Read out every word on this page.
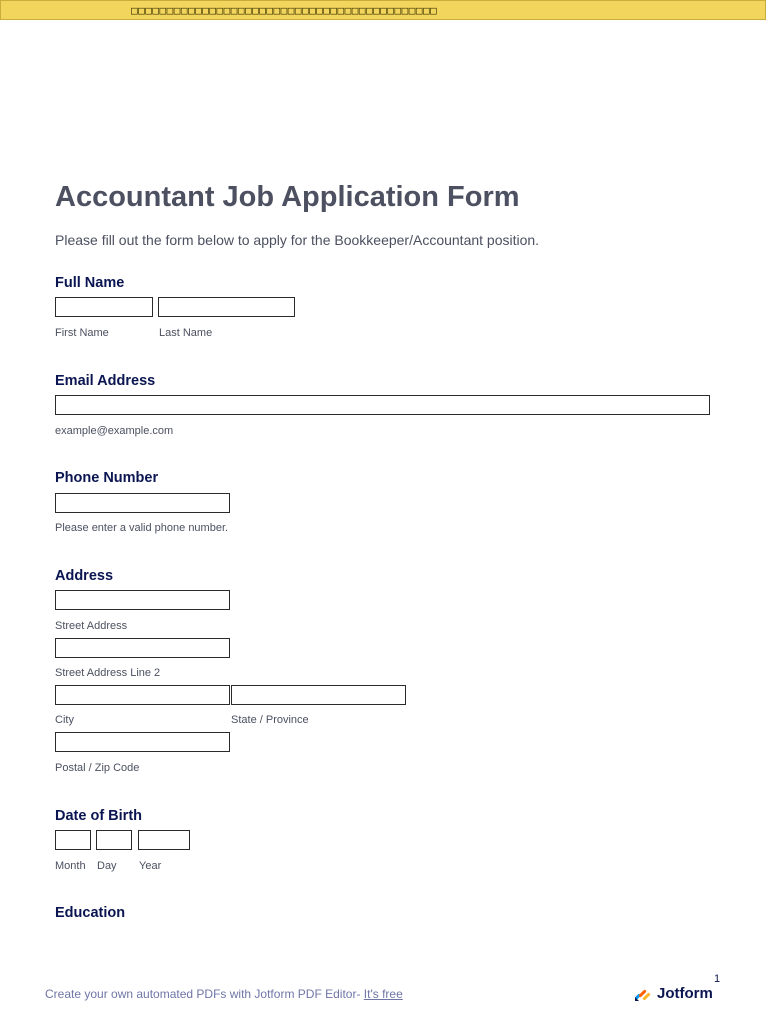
□□□□□□□□□□□□□□□□□□□□□□□□□□□□□□□□□□□□□□□□□□□
Accountant Job Application Form

Please fill out the form below to apply for the Bookkeeper/Accountant position.

Full Name
First Name	Last Name
Email Address
example@example.com
Phone Number
Please enter a valid phone number.
Address
Street Address
Street Address Line 2
City	State / Province
Postal / Zip Code
Date of Birth
Month Day Year
Education
Create your own automated PDFs with Jotform PDF Editor- It's free
1
Jotform
